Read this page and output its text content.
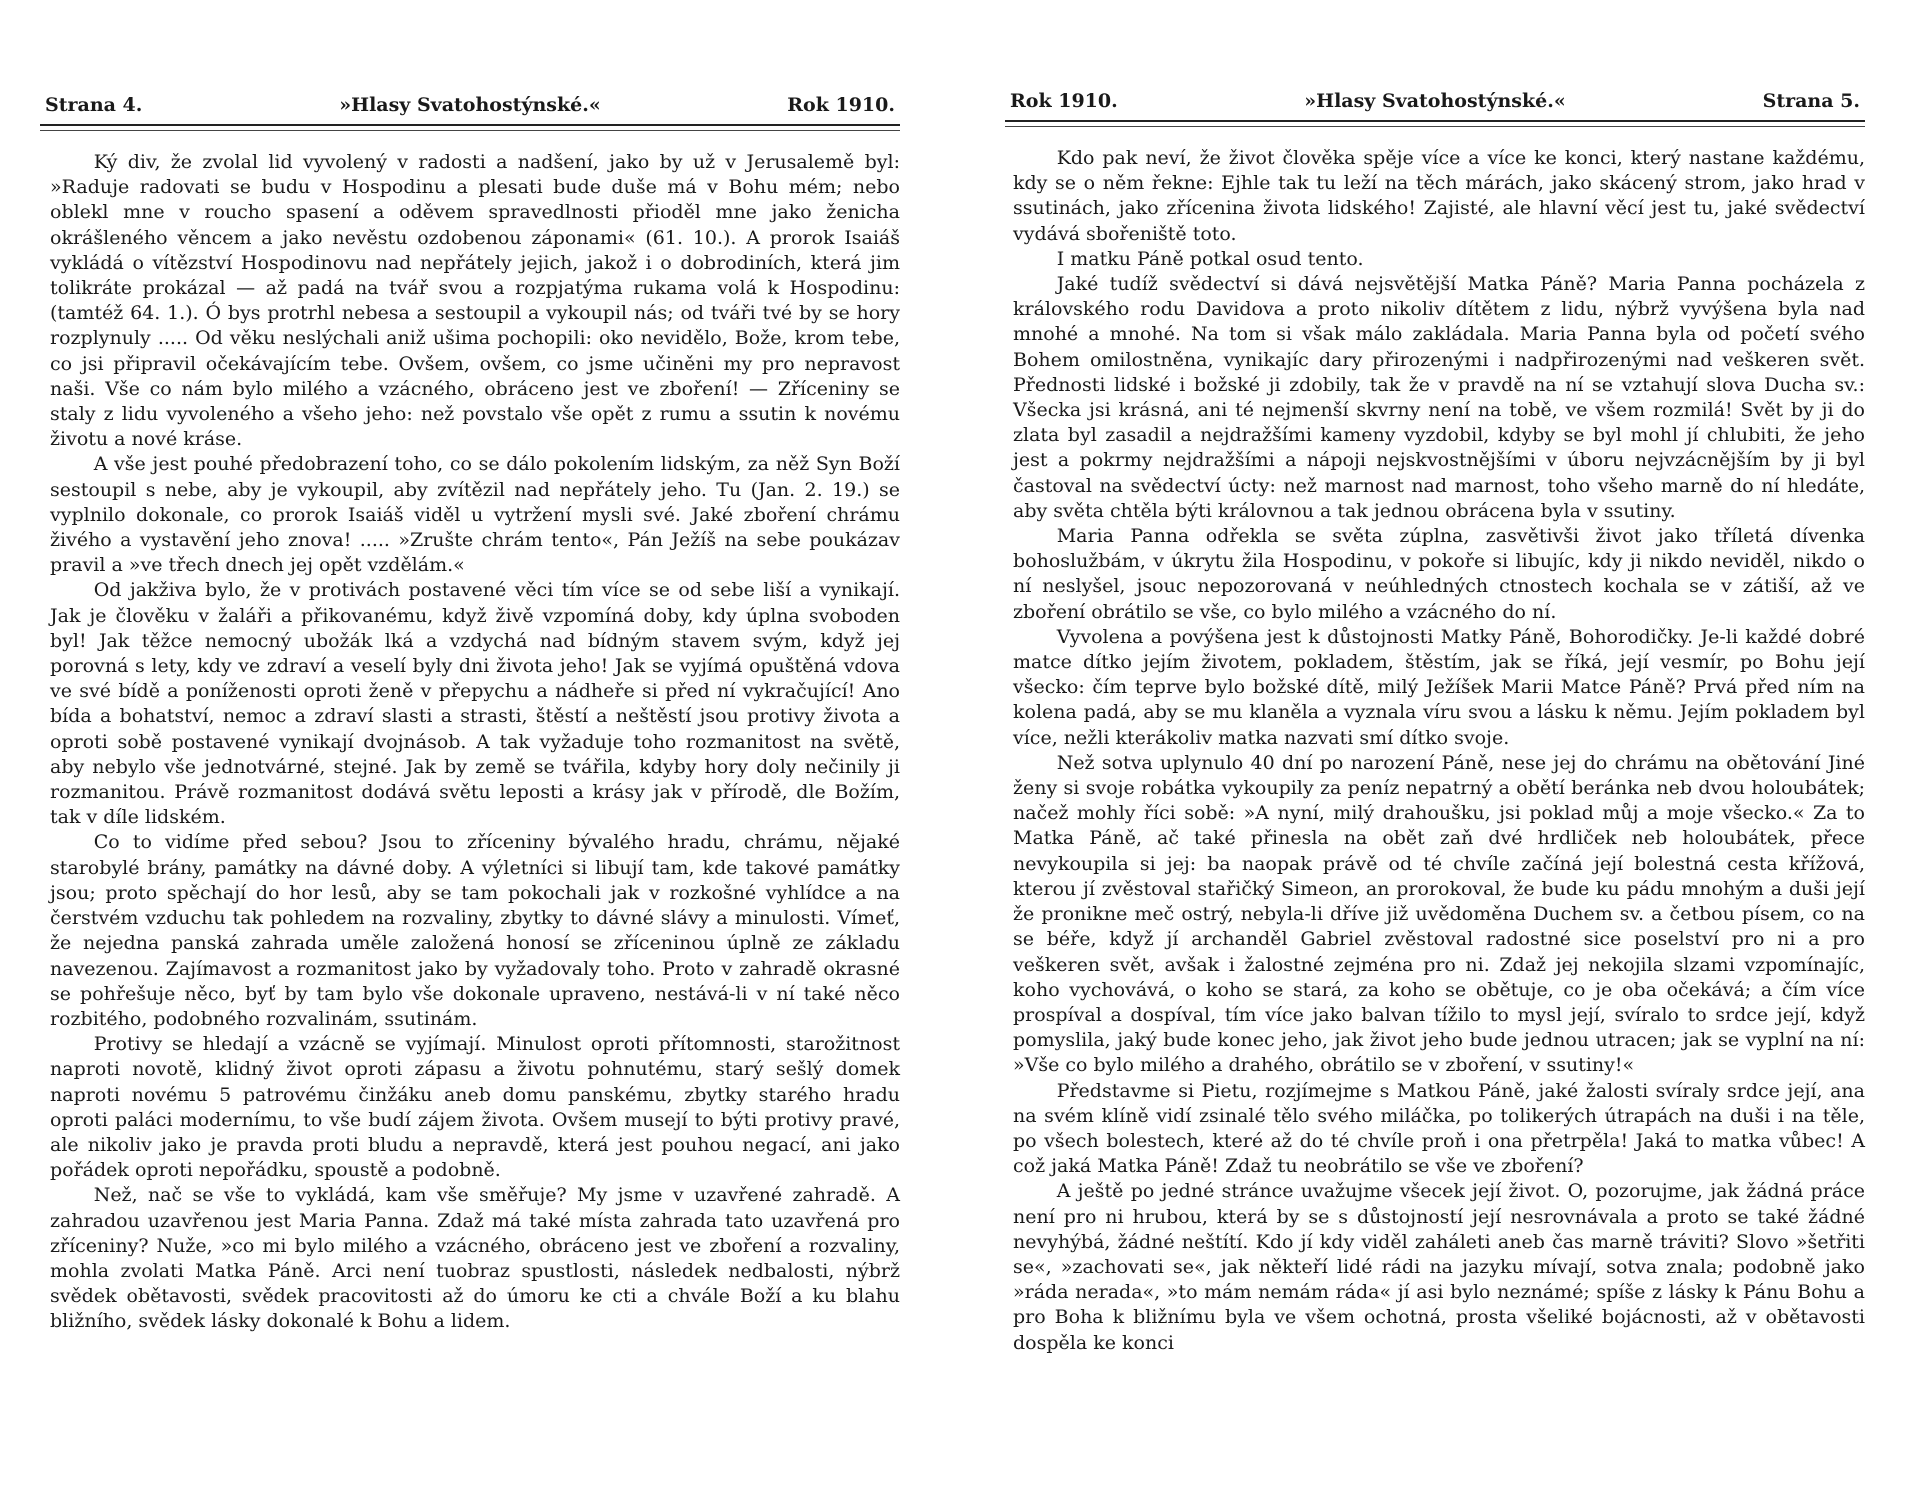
Strana 4.	»Hlasy Svatohostýnské.«	Rok 1910.

Ký div, že zvolal lid vyvolený v radosti a nadšení, jako by už v Jerusalemě byl: »Raduje radovati se budu v Hospodinu a plesati bude duše má v Bohu mém; nebo oblekl mne v roucho spasení a oděvem spravedlnosti přioděl mne jako ženicha okrášleného věncem a jako nevěstu ozdobenou záponami« (61. 10.). A prorok Isaiáš vykládá o vítězství Hospodinovu nad nepřátely jejich, jakož i o dobrodiních, která jim tolikráte prokázal — až padá na tvář svou a rozpjatýma rukama volá k Hospodinu: (tamtéž 64. 1.). Ó bys protrhl nebesa a sestoupil a vykoupil nás; od tváři tvé by se hory rozplynuly ..... Od věku neslýchali aniž ušima pochopili: oko nevidělo, Bože, krom tebe, co jsi připravil očekávajícím tebe. Ovšem, ovšem, co jsme učiněni my pro nepravost naši. Vše co nám bylo milého a vzácného, obráceno jest ve zboření! — Zříceniny se staly z lidu vyvoleného a všeho jeho: než povstalo vše opět z rumu a ssutin k novému životu a nové kráse.

A vše jest pouhé předobrazení toho, co se dálo pokolením lidským, za něž Syn Boží sestoupil s nebe, aby je vykoupil, aby zvítězil nad nepřátely jeho. Tu (Jan. 2. 19.) se vyplnilo dokonale, co prorok Isaiáš viděl u vytržení mysli své. Jaké zboření chrámu živého a vystavění jeho znova! ..... »Zrušte chrám tento«, Pán Ježíš na sebe poukázav pravil a »ve třech dnech jej opět vzdělám.«

Od jakživa bylo, že v protivách postavené věci tím více se od sebe liší a vynikají. Jak je člověku v žaláři a přikovanému, když živě vzpomíná doby, kdy úplna svoboden byl! Jak těžce nemocný ubožák lká a vzdychá nad bídným stavem svým, když jej porovná s lety, kdy ve zdraví a veselí byly dni života jeho! Jak se vyjímá opuštěná vdova ve své bídě a poníženosti oproti ženě v přepychu a nádheře si před ní vykračující! Ano bída a bohatství, nemoc a zdraví slasti a strasti, štěstí a neštěstí jsou protivy života a oproti sobě postavené vynikají dvojnásob. A tak vyžaduje toho rozmanitost na světě, aby nebylo vše jednotvárné, stejné. Jak by země se tvářila, kdyby hory doly nečinily ji rozmanitou. Právě rozmanitost dodává světu leposti a krásy jak v přírodě, dle Božím, tak v díle lidském.

Co to vidíme před sebou? Jsou to zříceniny bývalého hradu, chrámu, nějaké starobylé brány, památky na dávné doby. A výletníci si libují tam, kde takové památky jsou; proto spěchají do hor lesů, aby se tam pokochali jak v rozkošné vyhlídce a na čerstvém vzduchu tak pohledem na rozvaliny, zbytky to dávné slávy a minulosti. Vímeť, že nejedna panská zahrada uměle založená honosí se zříceninou úplně ze základu navezenou. Zajímavost a rozmanitost jako by vyžadovaly toho. Proto v zahradě okrasné se pohřešuje něco, byť by tam bylo vše dokonale upraveno, nestává-li v ní také něco rozbitého, podobného rozvalinám, ssutinám.

Protivy se hledají a vzácně se vyjímají. Minulost oproti přítomnosti, starožitnost naproti novotě, klidný život oproti zápasu a životu pohnutému, starý sešlý domek naproti novému 5 patrovému činžáku aneb domu panskému, zbytky starého hradu oproti paláci modernímu, to vše budí zájem života. Ovšem musejí to býti protivy pravé, ale nikoliv jako je pravda proti bludu a nepravdě, která jest pouhou negací, ani jako pořádek oproti nepořádku, spoustě a podobně.

Než, nač se vše to vykládá, kam vše směřuje? My jsme v uzavřené zahradě. A zahradou uzavřenou jest Maria Panna. Zdaž má také místa zahrada tato uzavřená pro zříceniny? Nuže, »co mi bylo milého a vzácného, obráceno jest ve zboření a rozvaliny, mohla zvolati Matka Páně. Arci není tuobraz spustlosti, následek nedbalosti, nýbrž svědek obětavosti, svědek pracovitosti až do úmoru ke cti a chvále Boží a ku blahu bližního, svědek lásky dokonalé k Bohu a lidem.

Rok 1910.	»Hlasy Svatohostýnské.«	Strana 5.

Kdo pak neví, že život člověka spěje více a více ke konci, který nastane každému, kdy se o něm řekne: Ejhle tak tu leží na těch márách, jako skácený strom, jako hrad v ssutinách, jako zřícenina života lidského! Zajisté, ale hlavní věcí jest tu, jaké svědectví vydává sbořeniště toto.

I matku Páně potkal osud tento.

Jaké tudíž svědectví si dává nejsvětější Matka Páně? Maria Panna pocházela z královského rodu Davidova a proto nikoliv dítětem z lidu, nýbrž vyvýšena byla nad mnohé a mnohé. Na tom si však málo zakládala. Maria Panna byla od početí svého Bohem omilostněna, vynikajíc dary přirozenými i nadpřirozenými nad veškeren svět. Přednosti lidské i božské ji zdobily, tak že v pravdě na ní se vztahují slova Ducha sv.: Všecka jsi krásná, ani té nejmenší skvrny není na tobě, ve všem rozmilá! Svět by ji do zlata byl zasadil a nejdražšími kameny vyzdobil, kdyby se byl mohl jí chlubiti, že jeho jest a pokrmy nejdražšími a nápoji nejskvostnějšími v úboru nejvzácnějším by ji byl častoval na svědectví úcty: než marnost nad marnost, toho všeho marně do ní hledáte, aby světa chtěla býti královnou a tak jednou obrácena byla v ssutiny.

Maria Panna odřekla se světa zúplna, zasvětivši život jako tříletá dívenka bohoslužbám, v úkrytu žila Hospodinu, v pokoře si libujíc, kdy ji nikdo neviděl, nikdo o ní neslyšel, jsouc nepozorovaná v neúhledných ctnostech kochala se v zátiší, až ve zboření obrátilo se vše, co bylo milého a vzácného do ní.

Vyvolena a povýšena jest k důstojnosti Matky Páně, Bohorodičky. Je-li každé dobré matce dítko jejím životem, pokladem, štěstím, jak se říká, její vesmír, po Bohu její všecko: čím teprve bylo božské dítě, milý Ježíšek Marii Matce Páně? Prvá před ním na kolena padá, aby se mu klaněla a vyznala víru svou a lásku k němu. Jejím pokladem byl více, nežli kterákoliv matka nazvati smí dítko svoje.

Než sotva uplynulo 40 dní po narození Páně, nese jej do chrámu na obětování Jiné ženy si svoje robátka vykoupily za peníz nepatrný a obětí beránka neb dvou holoubátek; načež mohly říci sobě: »A nyní, milý drahoušku, jsi poklad můj a moje všecko.« Za to Matka Páně, ač také přinesla na obět zaň dvé hrdliček neb holoubátek, přece nevykoupila si jej: ba naopak právě od té chvíle začíná její bolestná cesta křížová, kterou jí zvěstoval stařičký Simeon, an prorokoval, že bude ku pádu mnohým a duši její že pronikne meč ostrý, nebyla-li dříve již uvědoměna Duchem sv. a četbou písem, co na se béře, když jí archanděl Gabriel zvěstoval radostné sice poselství pro ni a pro veškeren svět, avšak i žalostné zejména pro ni. Zdaž jej nekojila slzami vzpomínajíc, koho vychovává, o koho se stará, za koho se obětuje, co je oba očekává; a čím více prospíval a dospíval, tím více jako balvan tížilo to mysl její, svíralo to srdce její, když pomyslila, jaký bude konec jeho, jak život jeho bude jednou utracen; jak se vyplní na ní: »Vše co bylo milého a drahého, obrátilo se v zboření, v ssutiny!«

Představme si Pietu, rozjímejme s Matkou Páně, jaké žalosti svíraly srdce její, ana na svém klíně vidí zsinalé tělo svého miláčka, po tolikerých útrapách na duši i na těle, po všech bolestech, které až do té chvíle proň i ona přetrpěla! Jaká to matka vůbec! A což jaká Matka Páně! Zdaž tu neobrátilo se vše ve zboření?

A ještě po jedné stránce uvažujme všecek její život. O, pozorujme, jak žádná práce není pro ni hrubou, která by se s důstojností její nesrovnávala a proto se také žádné nevyhýbá, žádné neštítí. Kdo jí kdy viděl zaháleti aneb čas marně tráviti? Slovo »šetřiti se«, »zachovati se«, jak někteří lidé rádi na jazyku mívají, sotva znala; podobně jako »ráda nerada«, »to mám nemám ráda« jí asi bylo neznámé; spíše z lásky k Pánu Bohu a pro Boha k bližnímu byla ve všem ochotná, prosta všeliké bojácnosti, až v obětavosti dospěla ke konci
